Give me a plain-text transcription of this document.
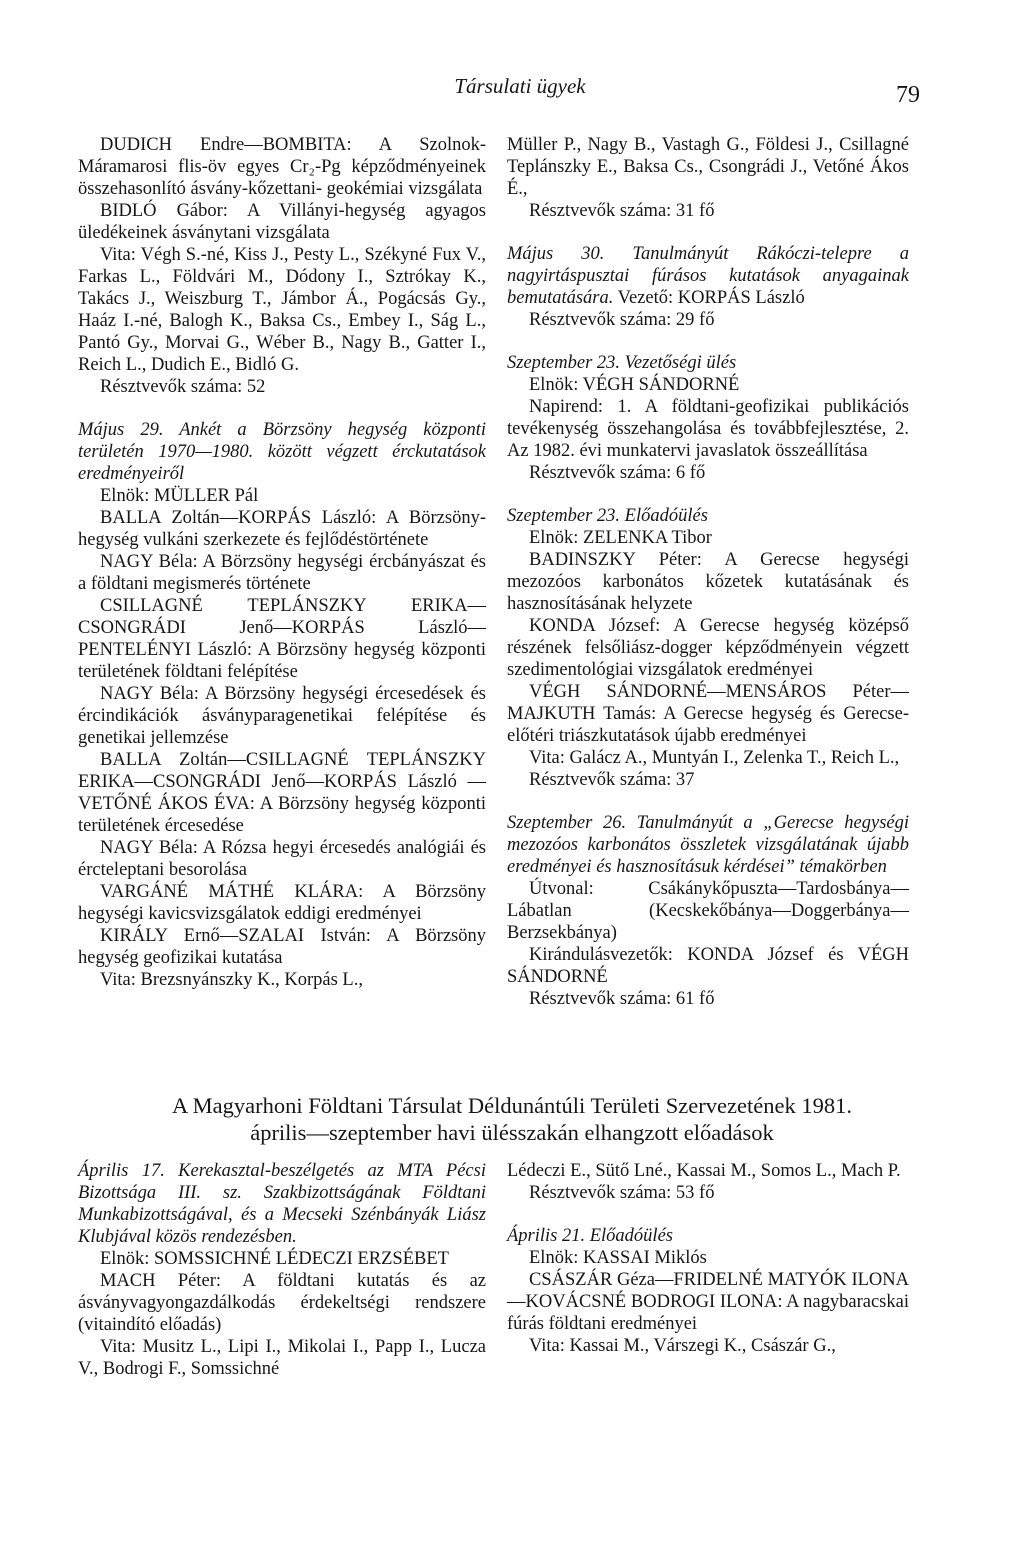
Társulati ügyek	79

DUDICH Endre—BOMBITA: A Szolnok-Máramarosi flis-öv egyes Cr₂-Pg képződményeinek összehasonlító ásvány-kőzettani- geokémiai vizsgálata

BIDLÓ Gábor: A Villányi-hegység agyagos üledékeinek ásványtani vizsgálata

Vita: Végh S.-né, Kiss J., Pesty L., Székyné Fux V., Farkas L., Földvári M., Dódony I., Sztrókay K., Takács J., Weiszburg T., Jámbor Á., Pogácsás Gy., Haáz I.-né, Balogh K., Baksa Cs., Embey I., Ság L., Pantó Gy., Morvai G., Wéber B., Nagy B., Gatter I., Reich L., Dudich E., Bidló G.

Résztvevők száma: 52

Május 29. Ankét a Börzsöny hegység központi területén 1970—1980. között végzett érckutatások eredményeiről

Elnök: MÜLLER Pál

BALLA Zoltán—KORPÁS László: A Börzsöny-hegység vulkáni szerkezete és fejlődéstörténete

NAGY Béla: A Börzsöny hegységi ércbányászat és a földtani megismerés története

CSILLAGNÉ TEPLÁNSZKY ERIKA—CSONGRÁDI Jenő—KORPÁS László—PENTELÉNYI László: A Börzsöny hegység központi területének földtani felépítése

NAGY Béla: A Börzsöny hegységi ércesedések és ércindikációk ásványparagenetikai felépítése és genetikai jellemzése

BALLA Zoltán—CSILLAGNÉ TEPLÁNSZKY ERIKA—CSONGRÁDI Jenő—KORPÁS László —VETŐNÉ ÁKOS ÉVA: A Börzsöny hegység központi területének ércesedése

NAGY Béla: A Rózsa hegyi ércesedés analógiái és ércteleptani besorolása

VARGÁNÉ MÁTHÉ KLÁRA: A Börzsöny hegységi kavicsvizsgálatok eddigi eredményei

KIRÁLY Ernő—SZALAI István: A Börzsöny hegység geofizikai kutatása

Vita: Brezsnyánszky K., Korpás L.,

Müller P., Nagy B., Vastagh G., Földesi J., Csillagné Teplánszky E., Baksa Cs., Csongrádi J., Vetőné Ákos É.,

Résztvevők száma: 31 fő

Május 30. Tanulmányút Rákóczi-telepre a nagyirtáspusztai fúrásos kutatások anyagainak bemutatására. Vezető: KORPÁS László

Résztvevők száma: 29 fő

Szeptember 23. Vezetőségi ülés

Elnök: VÉGH SÁNDORNÉ

Napirend: 1. A földtani-geofizikai publikációs tevékenység összehangolása és továbbfejlesztése, 2. Az 1982. évi munkatervi javaslatok összeállítása

Résztvevők száma: 6 fő

Szeptember 23. Előadóülés

Elnök: ZELENKA Tibor

BADINSZKY Péter: A Gerecse hegységi mezozóos karbonátos kőzetek kutatásának és hasznosításának helyzete

KONDA József: A Gerecse hegység középső részének felsőliász-dogger képződményein végzett szedimentológiai vizsgálatok eredményei

VÉGH SÁNDORNÉ—MENSÁROS Péter—MAJKUTH Tamás: A Gerecse hegység és Gerecse-előtéri triászkutatások újabb eredményei

Vita: Galácz A., Muntyán I., Zelenka T., Reich L.,

Résztvevők száma: 37

Szeptember 26. Tanulmányút a „Gerecse hegységi mezozóos karbonátos összletek vizsgálatának újabb eredményei és hasznosításuk kérdései” témakörben

Útvonal: Csákánykőpuszta—Tardosbánya—Lábatlan (Kecskekőbánya—Doggerbánya—Berzsekbánya)

Kirándulásvezetők: KONDA József és VÉGH SÁNDORNÉ

Résztvevők száma: 61 fő

A Magyarhoni Földtani Társulat Déldunántúli Területi Szervezetének 1981.

április—szeptember havi ülésszakán elhangzott előadások

Április 17. Kerekasztal-beszélgetés az MTA Pécsi Bizottsága III. sz. Szakbizottságának Földtani Munkabizottságával, és a Mecseki Szénbányák Liász Klubjával közös rendezésben.

Elnök: SOMSSICHNÉ LÉDECZI ERZSÉBET

MACH Péter: A földtani kutatás és az ásványvagyongazdálkodás érdekeltségi rendszere (vitaindító előadás)

Vita: Musitz L., Lipi I., Mikolai I., Papp I., Lucza V., Bodrogi F., Somssichné

Lédeczi E., Sütő Lné., Kassai M., Somos L., Mach P.

Résztvevők száma: 53 fő

Április 21. Előadóülés

Elnök: KASSAI Miklós

CSÁSZÁR Géza—FRIDELNÉ MATYÓK ILONA—KOVÁCSNÉ BODROGI ILONA: A nagybaracskai fúrás földtani eredményei

Vita: Kassai M., Várszegi K., Császár G.,
